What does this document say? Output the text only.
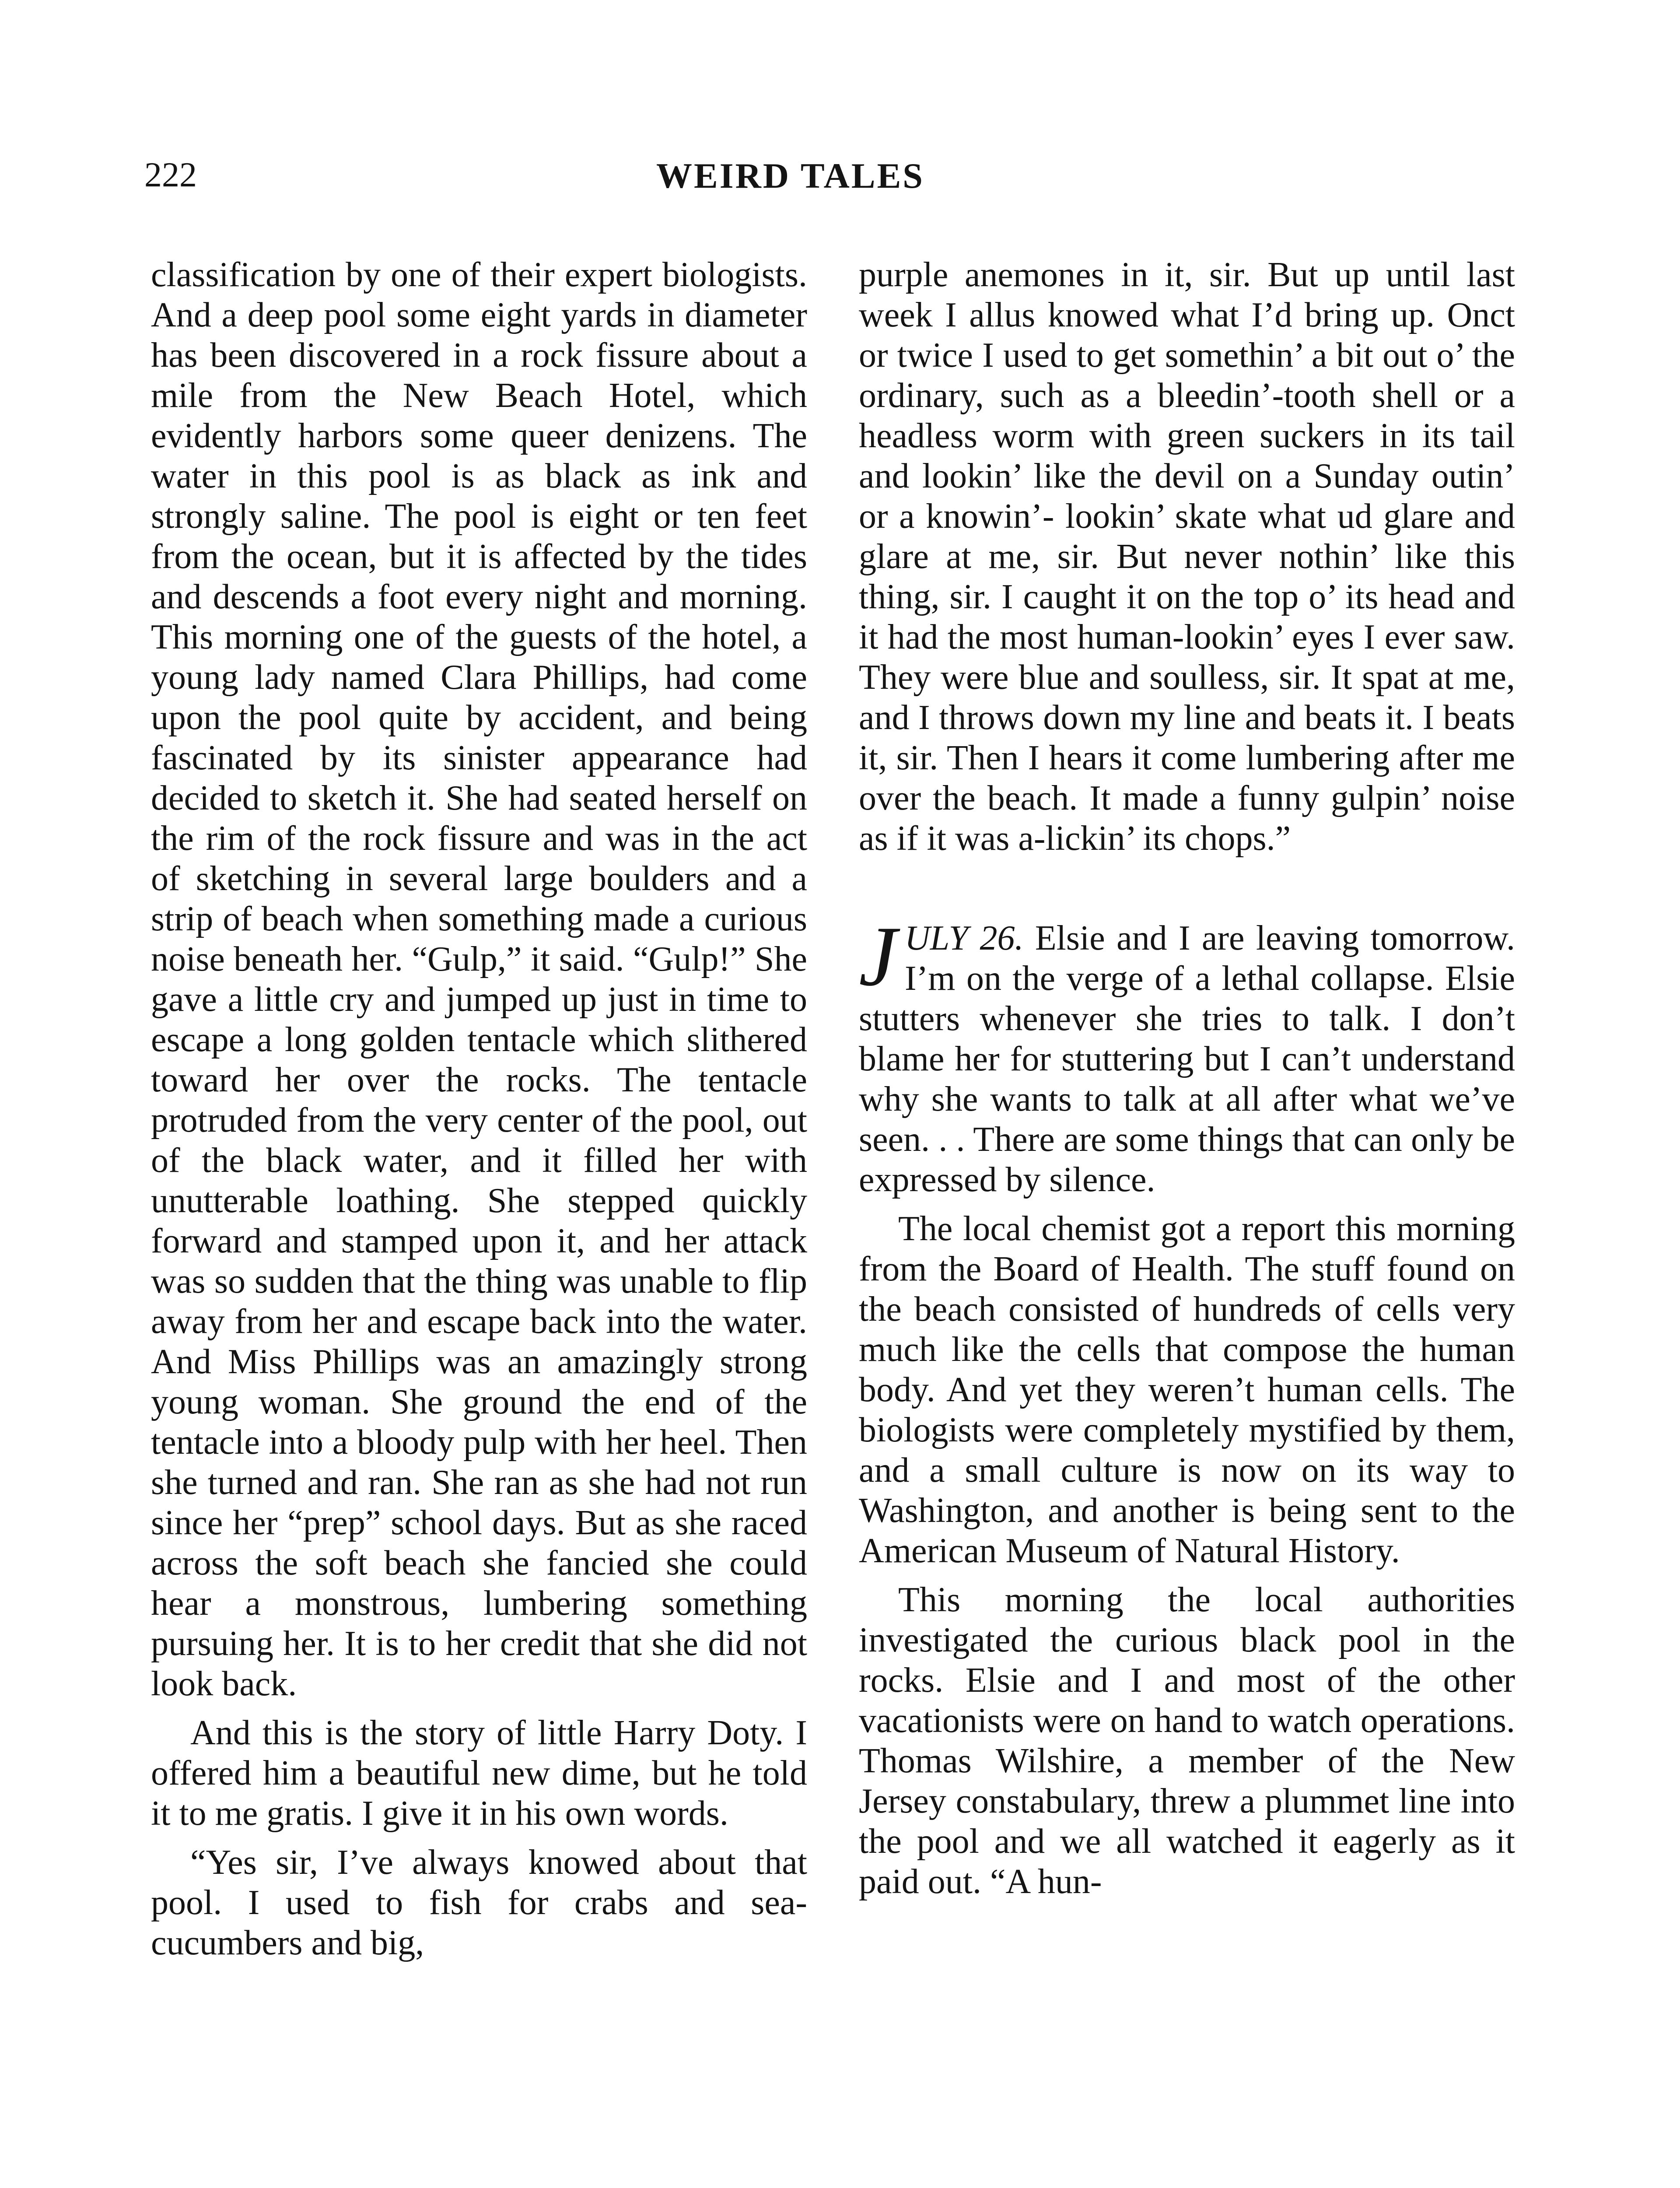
222	WEIRD TALES

classification by one of their expert biologists. And a deep pool some eight yards in diameter has been discovered in a rock fissure about a mile from the New Beach Hotel, which evidently harbors some queer denizens. The water in this pool is as black as ink and strongly saline. The pool is eight or ten feet from the ocean, but it is affected by the tides and descends a foot every night and morning. This morning one of the guests of the hotel, a young lady named Clara Phillips, had come upon the pool quite by accident, and being fascinated by its sinister appearance had decided to sketch it. She had seated herself on the rim of the rock fissure and was in the act of sketching in several large boulders and a strip of beach when something made a curious noise beneath her. “Gulp,” it said. “Gulp!” She gave a little cry and jumped up just in time to escape a long golden tentacle which slithered toward her over the rocks. The tentacle protruded from the very center of the pool, out of the black water, and it filled her with unutterable loathing. She stepped quickly forward and stamped upon it, and her attack was so sudden that the thing was unable to flip away from her and escape back into the water. And Miss Phillips was an amazingly strong young woman. She ground the end of the tentacle into a bloody pulp with her heel. Then she turned and ran. She ran as she had not run since her “prep” school days. But as she raced across the soft beach she fancied she could hear a monstrous, lumbering something pursuing her. It is to her credit that she did not look back.

And this is the story of little Harry Doty. I offered him a beautiful new dime, but he told it to me gratis. I give it in his own words.

“Yes sir, I’ve always knowed about that pool. I used to fish for crabs and sea-cucumbers and big,

purple anemones in it, sir. But up until last week I allus knowed what I’d bring up. Onct or twice I used to get somethin’ a bit out o’ the ordinary, such as a bleedin’-tooth shell or a headless worm with green suckers in its tail and lookin’ like the devil on a Sunday outin’ or a knowin’- lookin’ skate what ud glare and glare at me, sir. But never nothin’ like this thing, sir. I caught it on the top o’ its head and it had the most human-lookin’ eyes I ever saw. They were blue and soulless, sir. It spat at me, and I throws down my line and beats it. I beats it, sir. Then I hears it come lumbering after me over the beach. It made a funny gulpin’ noise as if it was a-lickin’ its chops.”

JULY 26. Elsie and I are leaving tomorrow. I’m on the verge of a lethal collapse. Elsie stutters whenever she tries to talk. I don’t blame her for stuttering but I can’t understand why she wants to talk at all after what we’ve seen. . . There are some things that can only be expressed by silence.

The local chemist got a report this morning from the Board of Health. The stuff found on the beach consisted of hundreds of cells very much like the cells that compose the human body. And yet they weren’t human cells. The biologists were completely mystified by them, and a small culture is now on its way to Washington, and another is being sent to the American Museum of Natural History.

This morning the local authorities investigated the curious black pool in the rocks. Elsie and I and most of the other vacationists were on hand to watch operations. Thomas Wilshire, a member of the New Jersey constabulary, threw a plummet line into the pool and we all watched it eagerly as it paid out. “A hun-
